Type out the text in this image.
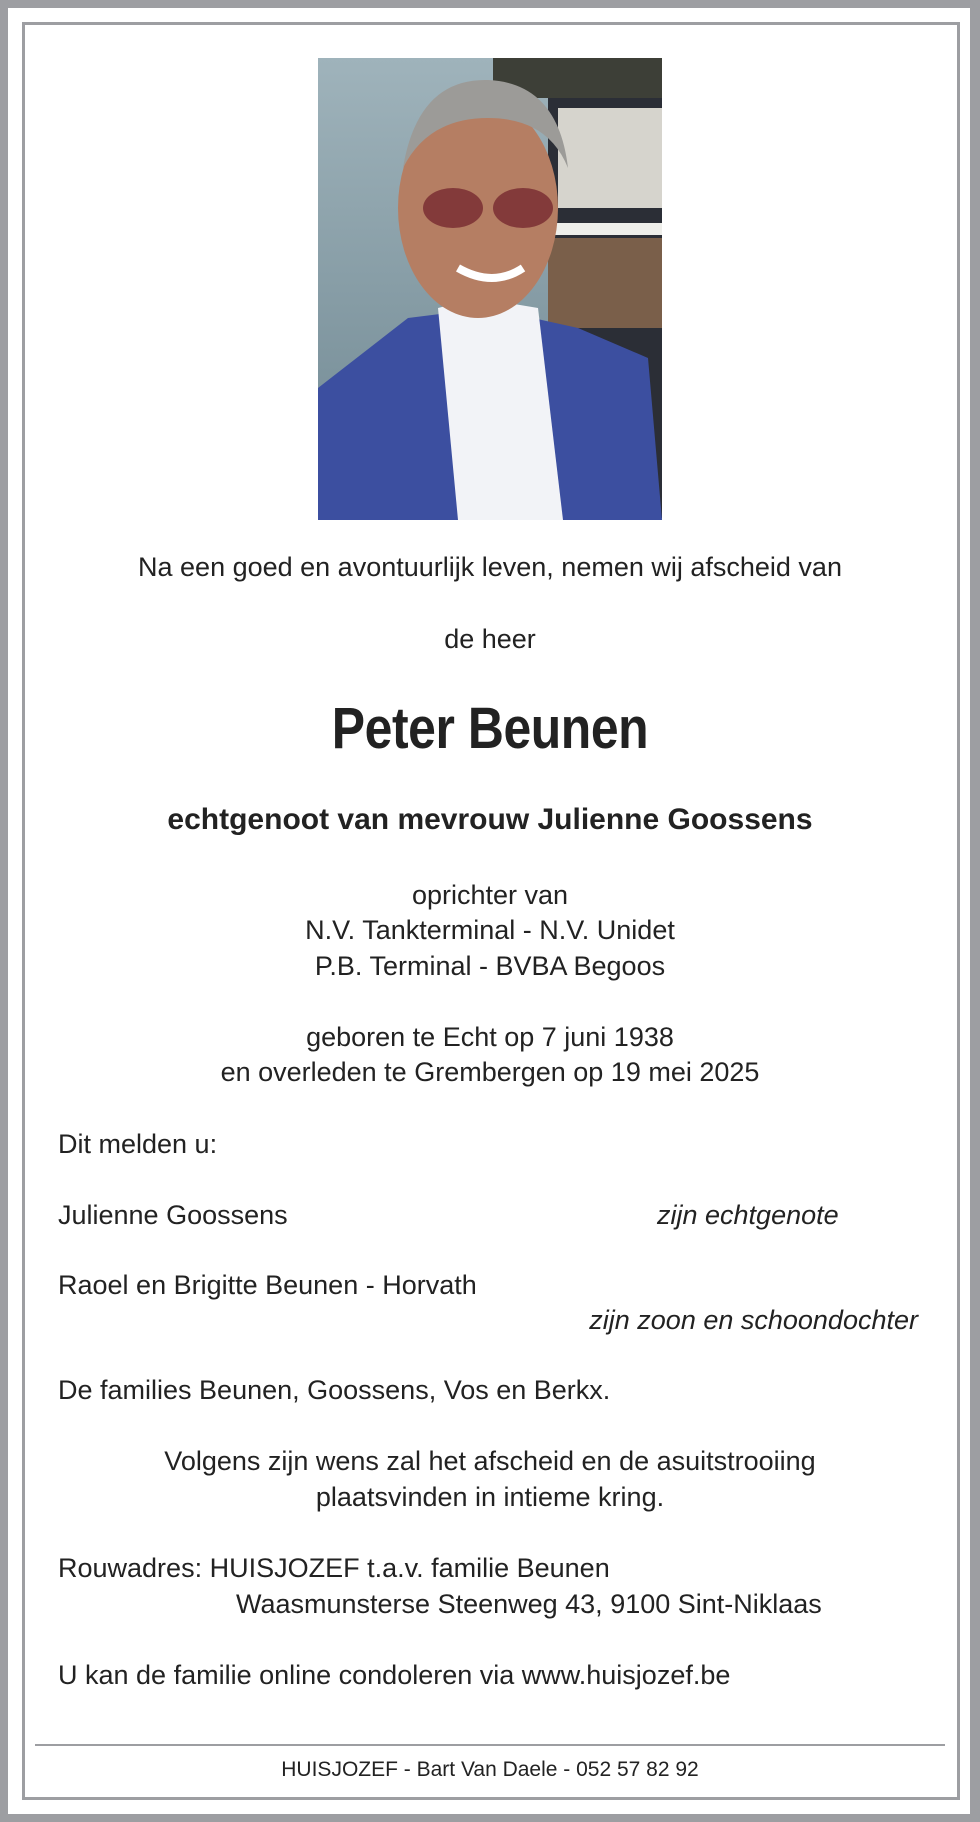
Na een goed en avontuurlijk leven, nemen wij afscheid van
de heer
Peter Beunen
echtgenoot van mevrouw Julienne Goossens
oprichter van
N.V. Tankterminal - N.V. Unidet
P.B. Terminal - BVBA Begoos
geboren te Echt op 7 juni 1938
en overleden te Grembergen op 19 mei 2025
Dit melden u:
Julienne Goossens	zijn echtgenote
Raoel en Brigitte Beunen - Horvath
zijn zoon en schoondochter
De families Beunen, Goossens, Vos en Berkx.
Volgens zijn wens zal het afscheid en de asuitstrooiing
plaatsvinden in intieme kring.
Rouwadres: HUISJOZEF t.a.v. familie Beunen
Waasmunsterse Steenweg 43, 9100 Sint-Niklaas
U kan de familie online condoleren via www.huisjozef.be
HUISJOZEF - Bart Van Daele - 052 57 82 92
